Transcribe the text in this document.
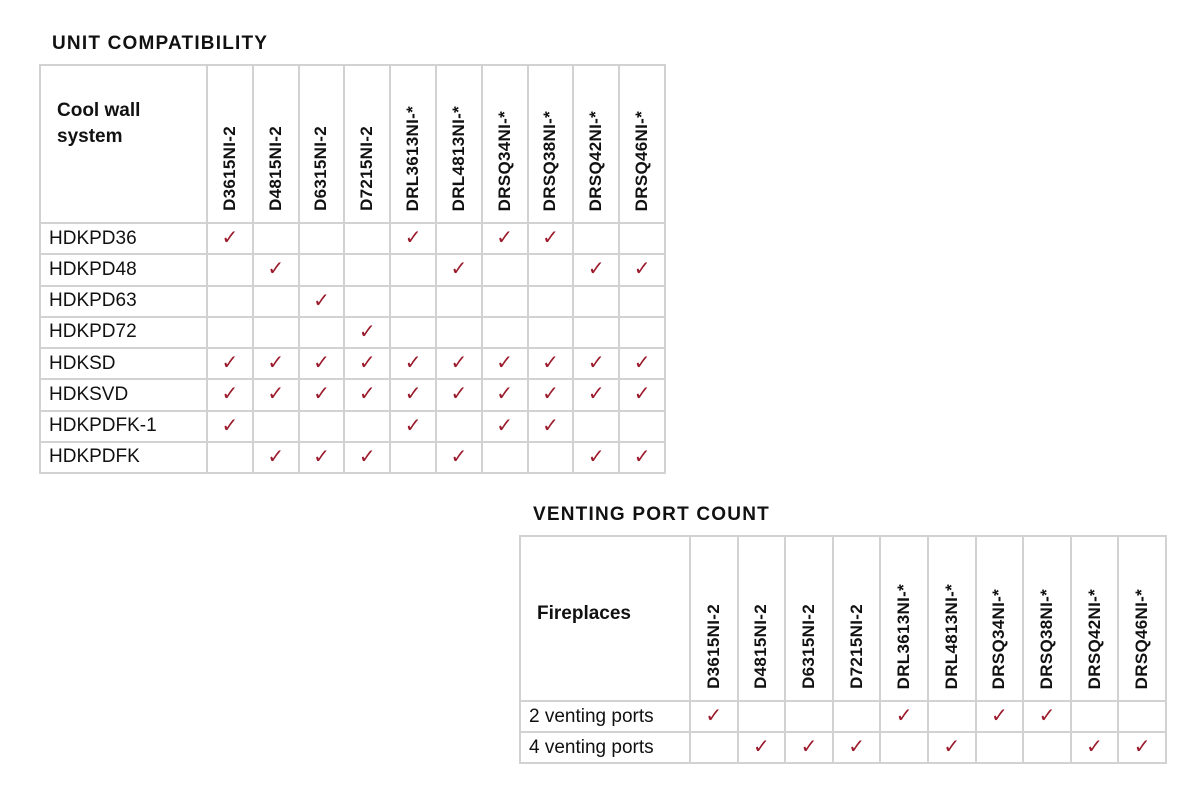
UNIT COMPATIBILITY
Cool wall system	D3615NI-2	D4815NI-2	D6315NI-2	D7215NI-2	DRL3613NI-*	DRL4813NI-*	DRSQ34NI-*	DRSQ38NI-*	DRSQ42NI-*	DRSQ46NI-*
HDKPD36	✓				✓		✓	✓		
HDKPD48		✓				✓			✓	✓
HDKPD63			✓							
HDKPD72				✓						
HDKSD	✓	✓	✓	✓	✓	✓	✓	✓	✓	✓
HDKSVD	✓	✓	✓	✓	✓	✓	✓	✓	✓	✓
HDKPDFK-1	✓				✓		✓	✓		
HDKPDFK		✓	✓	✓		✓			✓	✓
VENTING PORT COUNT
Fireplaces	D3615NI-2	D4815NI-2	D6315NI-2	D7215NI-2	DRL3613NI-*	DRL4813NI-*	DRSQ34NI-*	DRSQ38NI-*	DRSQ42NI-*	DRSQ46NI-*
2 venting ports	✓				✓		✓	✓		
4 venting ports		✓	✓	✓		✓			✓	✓
